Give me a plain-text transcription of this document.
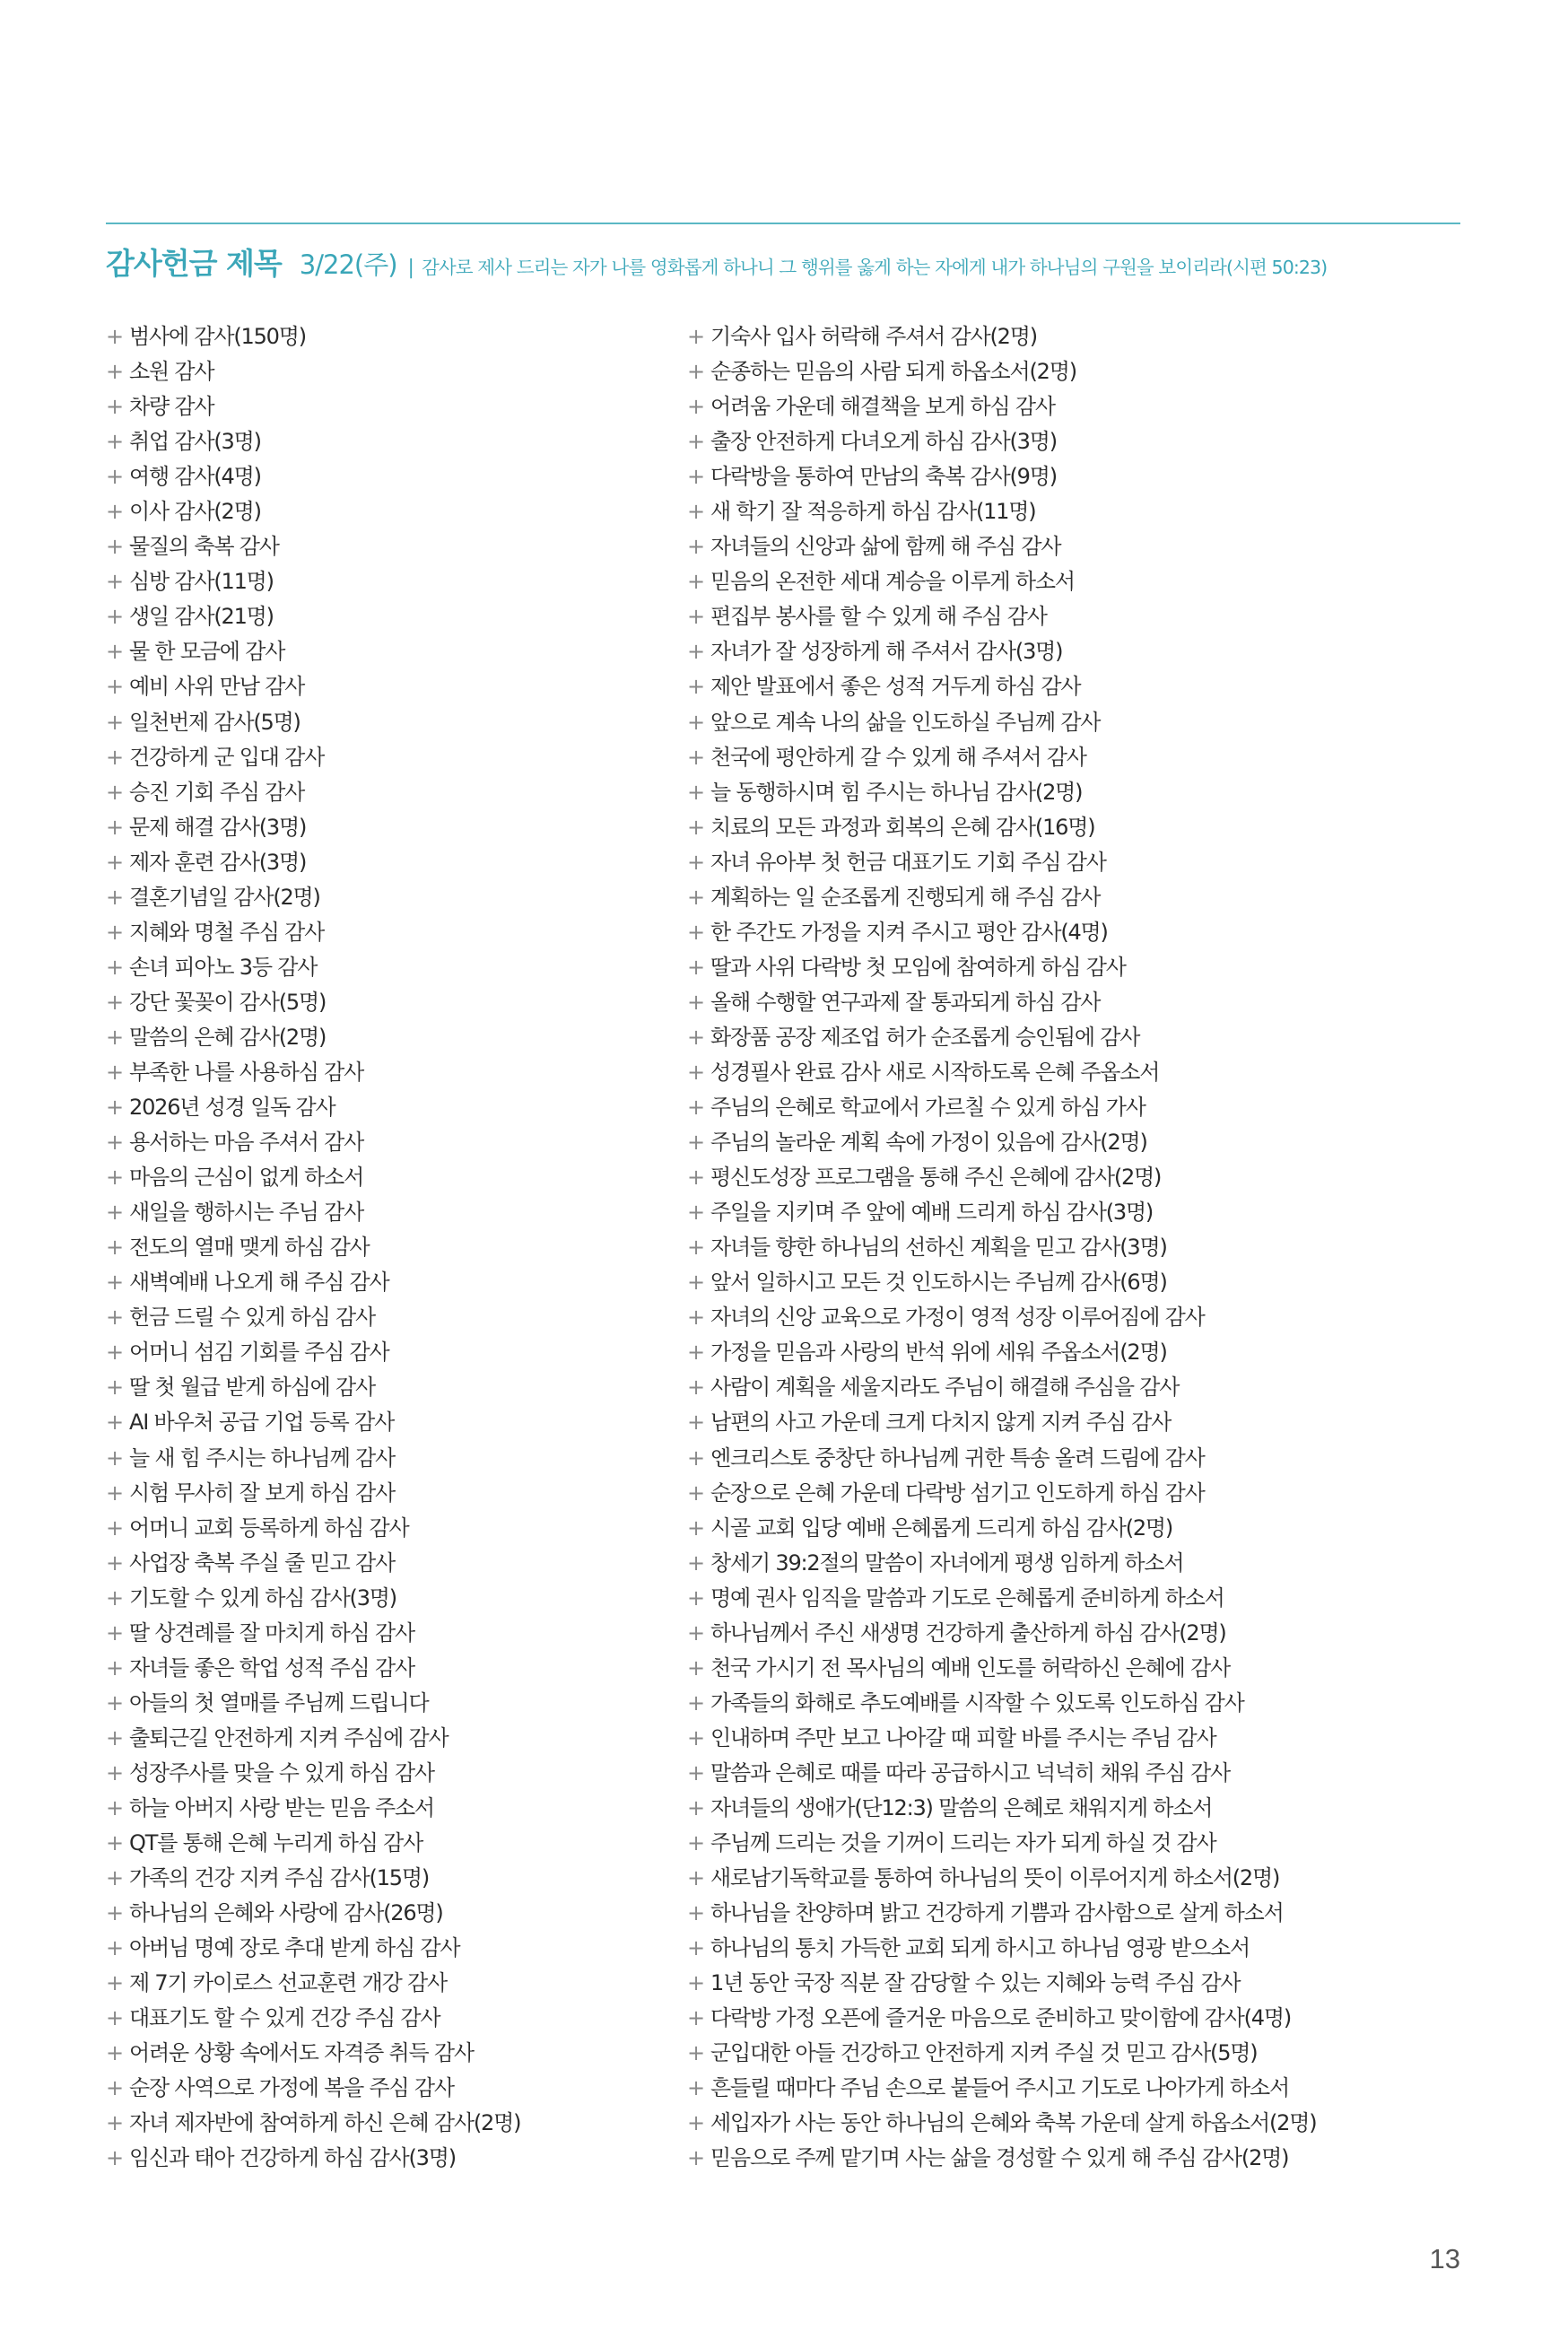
감사헌금 제목 3/22(주) | 감사로 제사 드리는 자가 나를 영화롭게 하나니 그 행위를 옳게 하는 자에게 내가 하나님의 구원을 보이리라(시편 50:23)
+ 범사에 감사(150명)
+ 소원 감사
+ 차량 감사
+ 취업 감사(3명)
+ 여행 감사(4명)
+ 이사 감사(2명)
+ 물질의 축복 감사
+ 심방 감사(11명)
+ 생일 감사(21명)
+ 물 한 모금에 감사
+ 예비 사위 만남 감사
+ 일천번제 감사(5명)
+ 건강하게 군 입대 감사
+ 승진 기회 주심 감사
+ 문제 해결 감사(3명)
+ 제자 훈련 감사(3명)
+ 결혼기념일 감사(2명)
+ 지혜와 명철 주심 감사
+ 손녀 피아노 3등 감사
+ 강단 꽃꽂이 감사(5명)
+ 말씀의 은혜 감사(2명)
+ 부족한 나를 사용하심 감사
+ 2026년 성경 일독 감사
+ 용서하는 마음 주셔서 감사
+ 마음의 근심이 없게 하소서
+ 새일을 행하시는 주님 감사
+ 전도의 열매 맺게 하심 감사
+ 새벽예배 나오게 해 주심 감사
+ 헌금 드릴 수 있게 하심 감사
+ 어머니 섬김 기회를 주심 감사
+ 딸 첫 월급 받게 하심에 감사
+ AI 바우처 공급 기업 등록 감사
+ 늘 새 힘 주시는 하나님께 감사
+ 시험 무사히 잘 보게 하심 감사
+ 어머니 교회 등록하게 하심 감사
+ 사업장 축복 주실 줄 믿고 감사
+ 기도할 수 있게 하심 감사(3명)
+ 딸 상견례를 잘 마치게 하심 감사
+ 자녀들 좋은 학업 성적 주심 감사
+ 아들의 첫 열매를 주님께 드립니다
+ 출퇴근길 안전하게 지켜 주심에 감사
+ 성장주사를 맞을 수 있게 하심 감사
+ 하늘 아버지 사랑 받는 믿음 주소서
+ QT를 통해 은혜 누리게 하심 감사
+ 가족의 건강 지켜 주심 감사(15명)
+ 하나님의 은혜와 사랑에 감사(26명)
+ 아버님 명예 장로 추대 받게 하심 감사
+ 제 7기 카이로스 선교훈련 개강 감사
+ 대표기도 할 수 있게 건강 주심 감사
+ 어려운 상황 속에서도 자격증 취득 감사
+ 순장 사역으로 가정에 복을 주심 감사
+ 자녀 제자반에 참여하게 하신 은혜 감사(2명)
+ 임신과 태아 건강하게 하심 감사(3명)
+ 기숙사 입사 허락해 주셔서 감사(2명)
+ 순종하는 믿음의 사람 되게 하옵소서(2명)
+ 어려움 가운데 해결책을 보게 하심 감사
+ 출장 안전하게 다녀오게 하심 감사(3명)
+ 다락방을 통하여 만남의 축복 감사(9명)
+ 새 학기 잘 적응하게 하심 감사(11명)
+ 자녀들의 신앙과 삶에 함께 해 주심 감사
+ 믿음의 온전한 세대 계승을 이루게 하소서
+ 편집부 봉사를 할 수 있게 해 주심 감사
+ 자녀가 잘 성장하게 해 주셔서 감사(3명)
+ 제안 발표에서 좋은 성적 거두게 하심 감사
+ 앞으로 계속 나의 삶을 인도하실 주님께 감사
+ 천국에 평안하게 갈 수 있게 해 주셔서 감사
+ 늘 동행하시며 힘 주시는 하나님 감사(2명)
+ 치료의 모든 과정과 회복의 은혜 감사(16명)
+ 자녀 유아부 첫 헌금 대표기도 기회 주심 감사
+ 계획하는 일 순조롭게 진행되게 해 주심 감사
+ 한 주간도 가정을 지켜 주시고 평안 감사(4명)
+ 딸과 사위 다락방 첫 모임에 참여하게 하심 감사
+ 올해 수행할 연구과제 잘 통과되게 하심 감사
+ 화장품 공장 제조업 허가 순조롭게 승인됨에 감사
+ 성경필사 완료 감사 새로 시작하도록 은혜 주옵소서
+ 주님의 은혜로 학교에서 가르칠 수 있게 하심 가사
+ 주님의 놀라운 계획 속에 가정이 있음에 감사(2명)
+ 평신도성장 프로그램을 통해 주신 은혜에 감사(2명)
+ 주일을 지키며 주 앞에 예배 드리게 하심 감사(3명)
+ 자녀들 향한 하나님의 선하신 계획을 믿고 감사(3명)
+ 앞서 일하시고 모든 것 인도하시는 주님께 감사(6명)
+ 자녀의 신앙 교육으로 가정이 영적 성장 이루어짐에 감사
+ 가정을 믿음과 사랑의 반석 위에 세워 주옵소서(2명)
+ 사람이 계획을 세울지라도 주님이 해결해 주심을 감사
+ 남편의 사고 가운데 크게 다치지 않게 지켜 주심 감사
+ 엔크리스토 중창단 하나님께 귀한 특송 올려 드림에 감사
+ 순장으로 은혜 가운데 다락방 섬기고 인도하게 하심 감사
+ 시골 교회 입당 예배 은혜롭게 드리게 하심 감사(2명)
+ 창세기 39:2절의 말씀이 자녀에게 평생 임하게 하소서
+ 명예 권사 임직을 말씀과 기도로 은혜롭게 준비하게 하소서
+ 하나님께서 주신 새생명 건강하게 출산하게 하심 감사(2명)
+ 천국 가시기 전 목사님의 예배 인도를 허락하신 은혜에 감사
+ 가족들의 화해로 추도예배를 시작할 수 있도록 인도하심 감사
+ 인내하며 주만 보고 나아갈 때 피할 바를 주시는 주님 감사
+ 말씀과 은혜로 때를 따라 공급하시고 넉넉히 채워 주심 감사
+ 자녀들의 생애가(단12:3) 말씀의 은혜로 채워지게 하소서
+ 주님께 드리는 것을 기꺼이 드리는 자가 되게 하실 것 감사
+ 새로남기독학교를 통하여 하나님의 뜻이 이루어지게 하소서(2명)
+ 하나님을 찬양하며 밝고 건강하게 기쁨과 감사함으로 살게 하소서
+ 하나님의 통치 가득한 교회 되게 하시고 하나님 영광 받으소서
+ 1년 동안 국장 직분 잘 감당할 수 있는 지혜와 능력 주심 감사
+ 다락방 가정 오픈에 즐거운 마음으로 준비하고 맞이함에 감사(4명)
+ 군입대한 아들 건강하고 안전하게 지켜 주실 것 믿고 감사(5명)
+ 흔들릴 때마다 주님 손으로 붙들어 주시고 기도로 나아가게 하소서
+ 세입자가 사는 동안 하나님의 은혜와 축복 가운데 살게 하옵소서(2명)
+ 믿음으로 주께 맡기며 사는 삶을 경성할 수 있게 해 주심 감사(2명)
13
